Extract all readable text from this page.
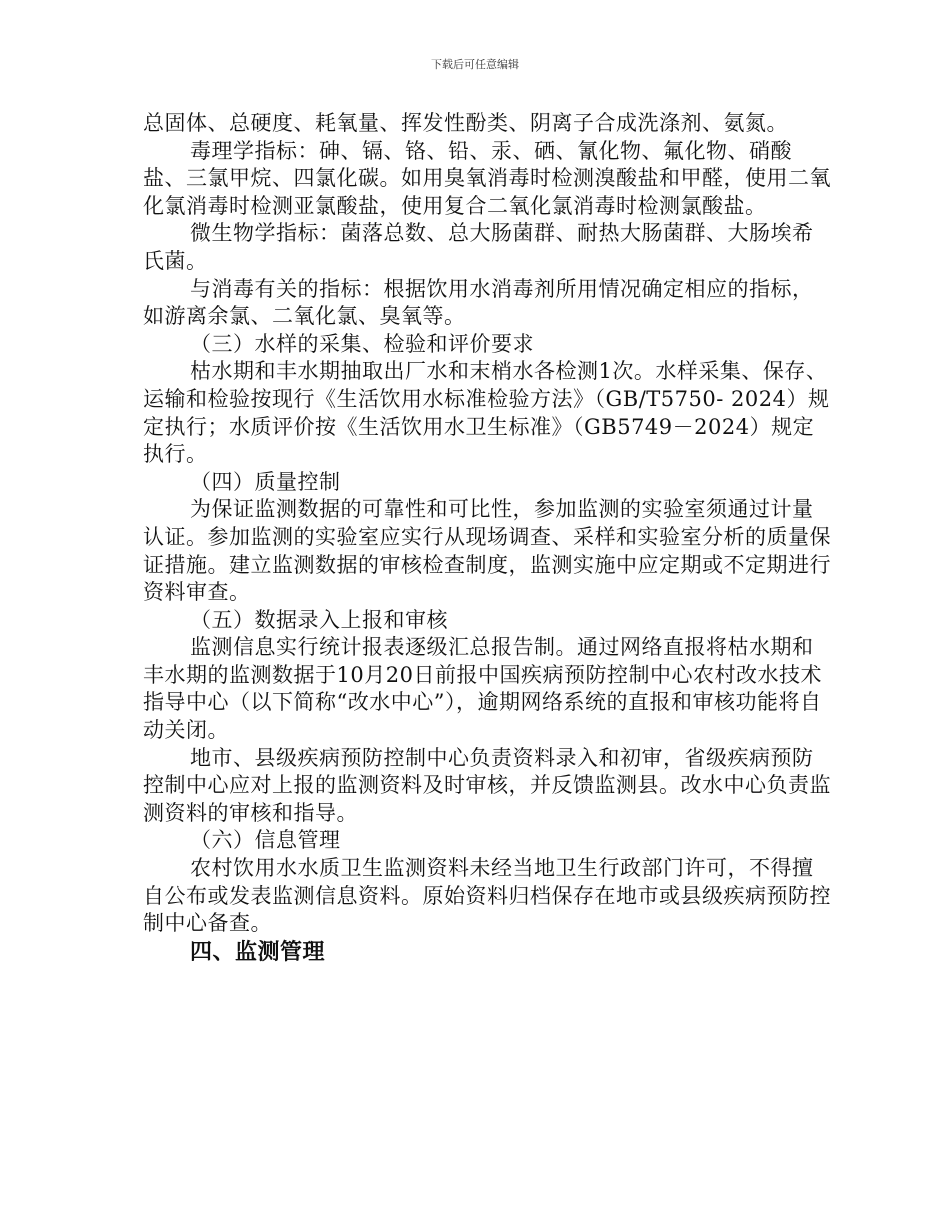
下载后可任意编辑

总固体、总硬度、耗氧量、挥发性酚类、阴离子合成洗涤剂、氨氮。

毒理学指标：砷、镉、铬、铅、汞、硒、氰化物、氟化物、硝酸盐、三氯甲烷、四氯化碳。如用臭氧消毒时检测溴酸盐和甲醛，使用二氧化氯消毒时检测亚氯酸盐，使用复合二氧化氯消毒时检测氯酸盐。

微生物学指标：菌落总数、总大肠菌群、耐热大肠菌群、大肠埃希氏菌。

与消毒有关的指标：根据饮用水消毒剂所用情况确定相应的指标，如游离余氯、二氧化氯、臭氧等。

（三）水样的采集、检验和评价要求

枯水期和丰水期抽取出厂水和末梢水各检测1次。水样采集、保存、运输和检验按现行《生活饮用水标准检验方法》（GB/T5750- 2024）规定执行；水质评价按《生活饮用水卫生标准》（GB5749－2024）规定执行。

（四）质量控制

为保证监测数据的可靠性和可比性，参加监测的实验室须通过计量认证。参加监测的实验室应实行从现场调查、采样和实验室分析的质量保证措施。建立监测数据的审核检查制度，监测实施中应定期或不定期进行资料审查。

（五）数据录入上报和审核

监测信息实行统计报表逐级汇总报告制。通过网络直报将枯水期和丰水期的监测数据于10月20日前报中国疾病预防控制中心农村改水技术指导中心（以下简称“改水中心”），逾期网络系统的直报和审核功能将自动关闭。

地市、县级疾病预防控制中心负责资料录入和初审，省级疾病预防控制中心应对上报的监测资料及时审核，并反馈监测县。改水中心负责监测资料的审核和指导。

（六）信息管理

农村饮用水水质卫生监测资料未经当地卫生行政部门许可，不得擅自公布或发表监测信息资料。原始资料归档保存在地市或县级疾病预防控制中心备查。

四、监测管理
